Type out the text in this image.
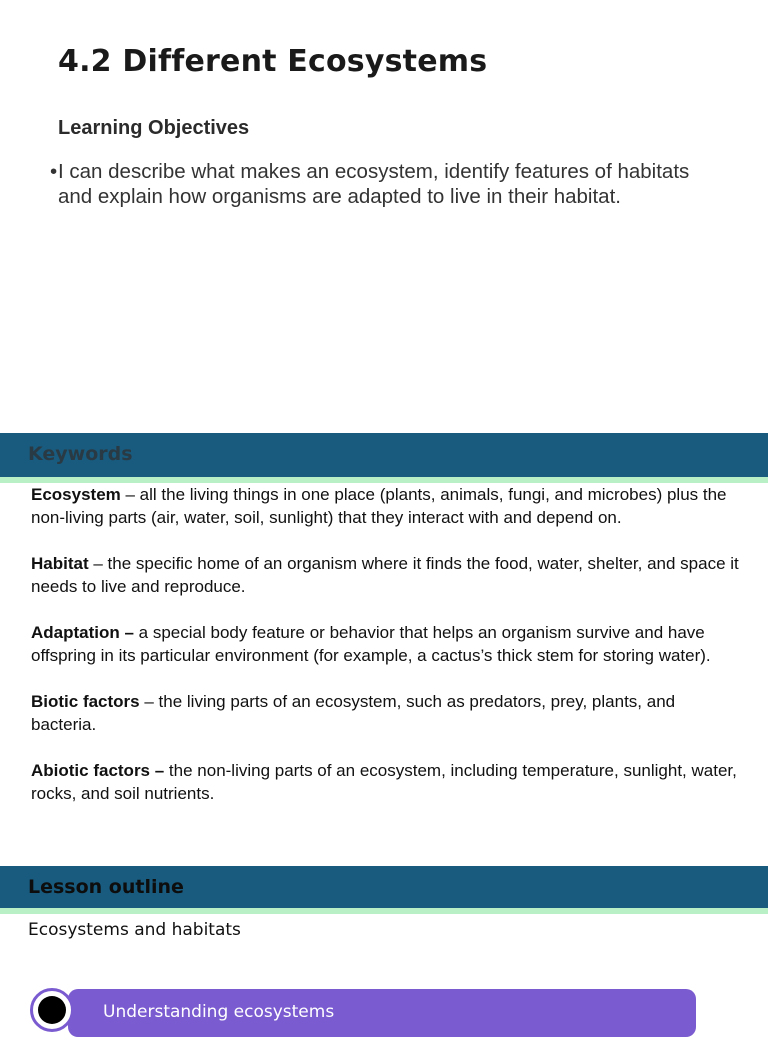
4.2 Different Ecosystems
Learning Objectives
• I can describe what makes an ecosystem, identify features of habitats and explain how organisms are adapted to live in their habitat.
Keywords

Ecosystem – all the living things in one place (plants, animals, fungi, and microbes) plus the non-living parts (air, water, soil, sunlight) that they interact with and depend on.

Habitat – the specific home of an organism where it finds the food, water, shelter, and space it needs to live and reproduce.

Adaptation – a special body feature or behavior that helps an organism survive and have offspring in its particular environment (for example, a cactus’s thick stem for storing water).

Biotic factors – the living parts of an ecosystem, such as predators, prey, plants, and bacteria.

Abiotic factors – the non-living parts of an ecosystem, including temperature, sunlight, water, rocks, and soil nutrients.

Lesson outline

Ecosystems and habitats

Understanding ecosystems
